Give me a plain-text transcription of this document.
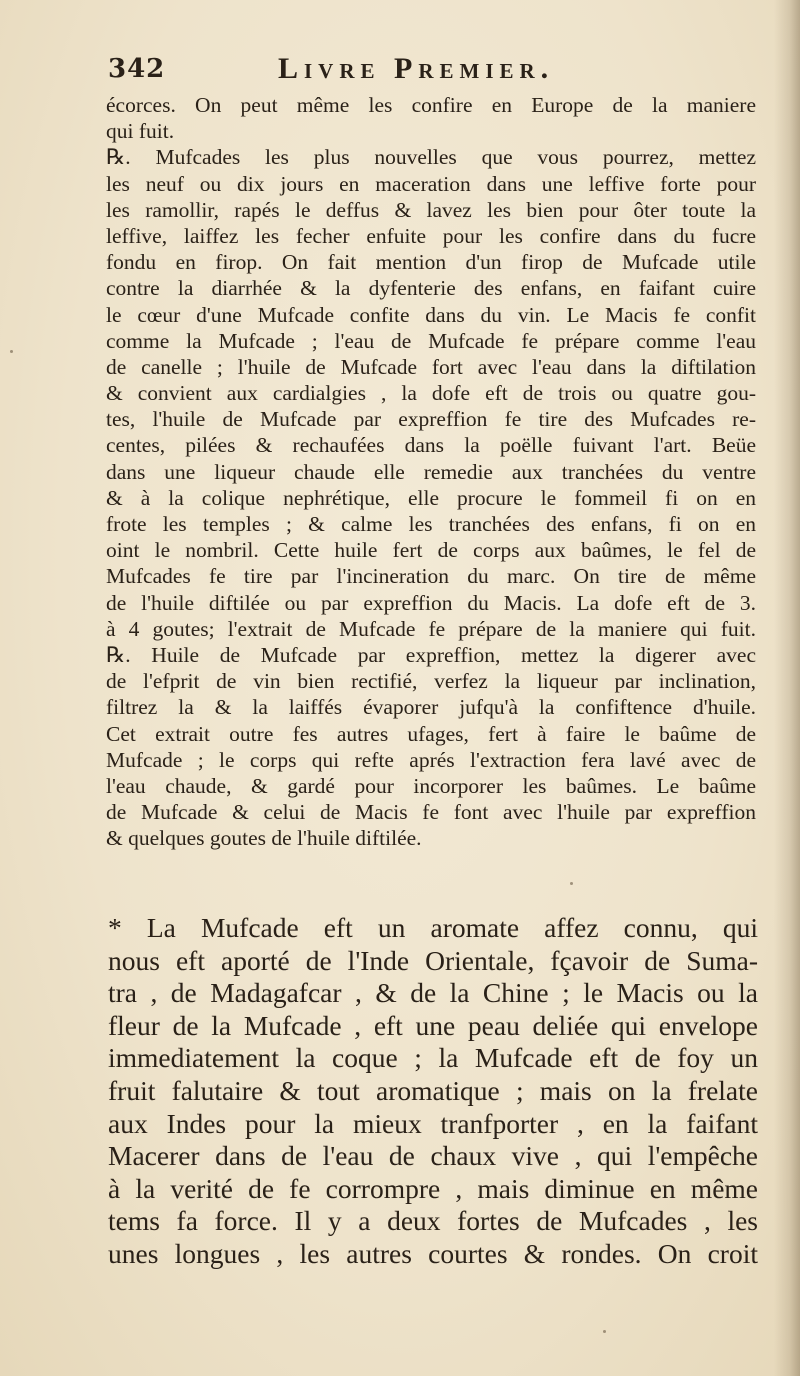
342	Livre Premier.
écorces. On peut même les confire en Europe de la maniere
qui fuit.
℞. Mufcades les plus nouvelles que vous pourrez, mettez
les neuf ou dix jours en maceration dans une leffive forte pour
les ramollir, rapés le deffus & lavez les bien pour ôter toute la
leffive, laiffez les fecher enfuite pour les confire dans du fucre
fondu en firop. On fait mention d'un firop de Mufcade utile
contre la diarrhée & la dyfenterie des enfans, en faifant cuire
le cœur d'une Mufcade confite dans du vin. Le Macis fe confit
comme la Mufcade ; l'eau de Mufcade fe prépare comme l'eau
de canelle ; l'huile de Mufcade fort avec l'eau dans la diftilation
& convient aux cardialgies , la dofe eft de trois ou quatre gou-
tes, l'huile de Mufcade par expreffion fe tire des Mufcades re-
centes, pilées & rechaufées dans la poëlle fuivant l'art. Beüe
dans une liqueur chaude elle remedie aux tranchées du ventre
& à la colique nephrétique, elle procure le fommeil fi on en
frote les temples ; & calme les tranchées des enfans, fi on en
oint le nombril. Cette huile fert de corps aux baûmes, le fel de
Mufcades fe tire par l'incineration du marc. On tire de même
de l'huile diftilée ou par expreffion du Macis. La dofe eft de 3.
à 4 goutes; l'extrait de Mufcade fe prépare de la maniere qui fuit.
℞. Huile de Mufcade par expreffion, mettez la digerer avec
de l'efprit de vin bien rectifié, verfez la liqueur par inclination,
filtrez la & la laiffés évaporer jufqu'à la confiftence d'huile.
Cet extrait outre fes autres ufages, fert à faire le baûme de
Mufcade ; le corps qui refte aprés l'extraction fera lavé avec de
l'eau chaude, & gardé pour incorporer les baûmes. Le baûme
de Mufcade & celui de Macis fe font avec l'huile par expreffion
& quelques goutes de l'huile diftilée.
* La Mufcade eft un aromate affez connu, qui
nous eft aporté de l'Inde Orientale, fçavoir de Suma-
tra , de Madagafcar , & de la Chine ; le Macis ou la
fleur de la Mufcade , eft une peau deliée qui envelope
immediatement la coque ; la Mufcade eft de foy un
fruit falutaire & tout aromatique ; mais on la frelate
aux Indes pour la mieux tranfporter , en la faifant
Macerer dans de l'eau de chaux vive , qui l'empêche
à la verité de fe corrompre , mais diminue en même
tems fa force. Il y a deux fortes de Mufcades , les
unes longues , les autres courtes & rondes. On croit
